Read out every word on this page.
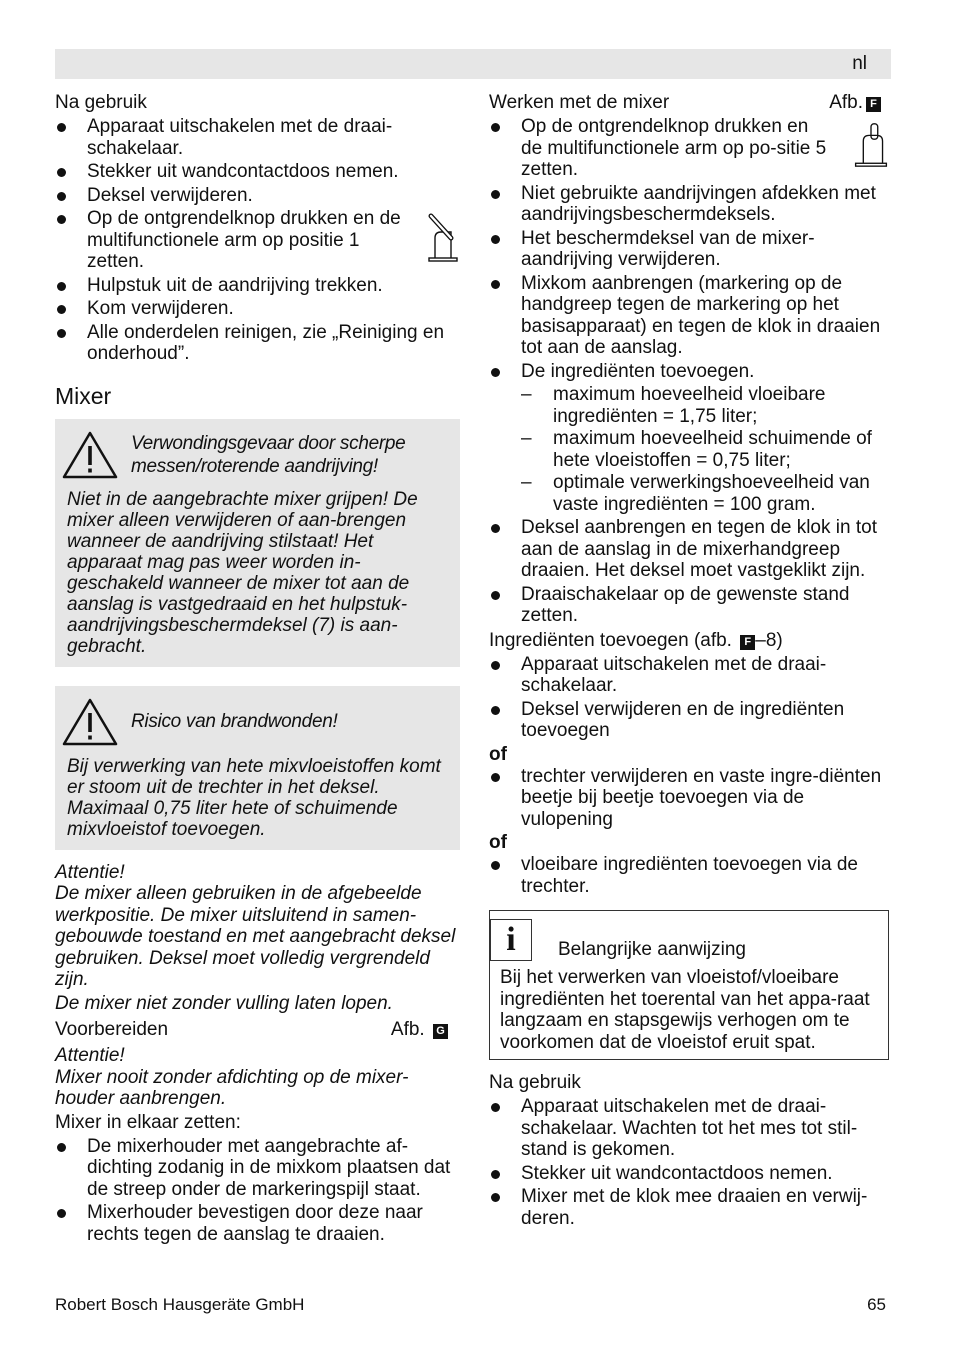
nl

Na gebruik

Apparaat uitschakelen met de draai-schakelaar.
Stekker uit wandcontactdoos nemen.
Deksel verwijderen.
Op de ontgrendelknop drukken en de multifunctionele arm op positie 1 zetten.
Hulpstuk uit de aandrijving trekken.
Kom verwijderen.
Alle onderdelen reinigen, zie „Reiniging en onderhoud”.

Mixer

Verwondingsgevaar door scherpe messen/roterende aandrijving!
Niet in de aangebrachte mixer grijpen! De mixer alleen verwijderen of aan-brengen wanneer de aandrijving stilstaat! Het apparaat mag pas weer worden in-geschakeld wanneer de mixer tot aan de aanslag is vastgedraaid en het hulpstuk-aandrijvingsbeschermdeksel (7) is aan-gebracht.
Risico van brandwonden!
Bij verwerking van hete mixvloeistoffen komt er stoom uit de trechter in het deksel. Maximaal 0,75 liter hete of schuimende mixvloeistof toevoegen.
Attentie!
De mixer alleen gebruiken in de afgebeelde werkpositie. De mixer uitsluitend in samen-gebouwde toestand en met aangebracht deksel gebruiken. Deksel moet volledig vergrendeld zijn.
De mixer niet zonder vulling laten lopen.
Voorbereiden	Afb. G
Attentie!
Mixer nooit zonder afdichting op de mixer-houder aanbrengen.
Mixer in elkaar zetten:
De mixerhouder met aangebrachte af-dichting zodanig in de mixkom plaatsen dat de streep onder de markeringspijl staat.
Mixerhouder bevestigen door deze naar rechts tegen de aanslag te draaien.
Werken met de mixer	Afb. F
Op de ontgrendelknop drukken en de multifunctionele arm op po-sitie 5 zetten.
Niet gebruikte aandrijvingen afdekken met aandrijvingsbeschermdeksels.
Het beschermdeksel van de mixer-aandrijving verwijderen.
Mixkom aanbrengen (markering op de handgreep tegen de markering op het basisapparaat) en tegen de klok in draaien tot aan de aanslag.
De ingrediënten toevoegen.
– maximum hoeveelheid vloeibare ingrediënten = 1,75 liter;
– maximum hoeveelheid schuimende of hete vloeistoffen = 0,75 liter;
– optimale verwerkingshoeveelheid van vaste ingrediënten = 100 gram.
Deksel aanbrengen en tegen de klok in tot aan de aanslag in de mixerhandgreep draaien. Het deksel moet vastgeklikt zijn.
Draaischakelaar op de gewenste stand zetten.
Ingrediënten toevoegen (afb. F –8)
Apparaat uitschakelen met de draai-schakelaar.
Deksel verwijderen en de ingrediënten toevoegen
of
trechter verwijderen en vaste ingre-diënten beetje bij beetje toevoegen via de vulopening
of
vloeibare ingrediënten toevoegen via de trechter.
i	Belangrijke aanwijzing
Bij het verwerken van vloeistof/vloeibare ingrediënten het toerental van het appa-raat langzaam en stapsgewijs verhogen om te voorkomen dat de vloeistof eruit spat.

Na gebruik

Apparaat uitschakelen met de draai-schakelaar. Wachten tot het mes tot stil-stand is gekomen.
Stekker uit wandcontactdoos nemen.
Mixer met de klok mee draaien en verwij-deren.
Robert Bosch Hausgeräte GmbH	65
